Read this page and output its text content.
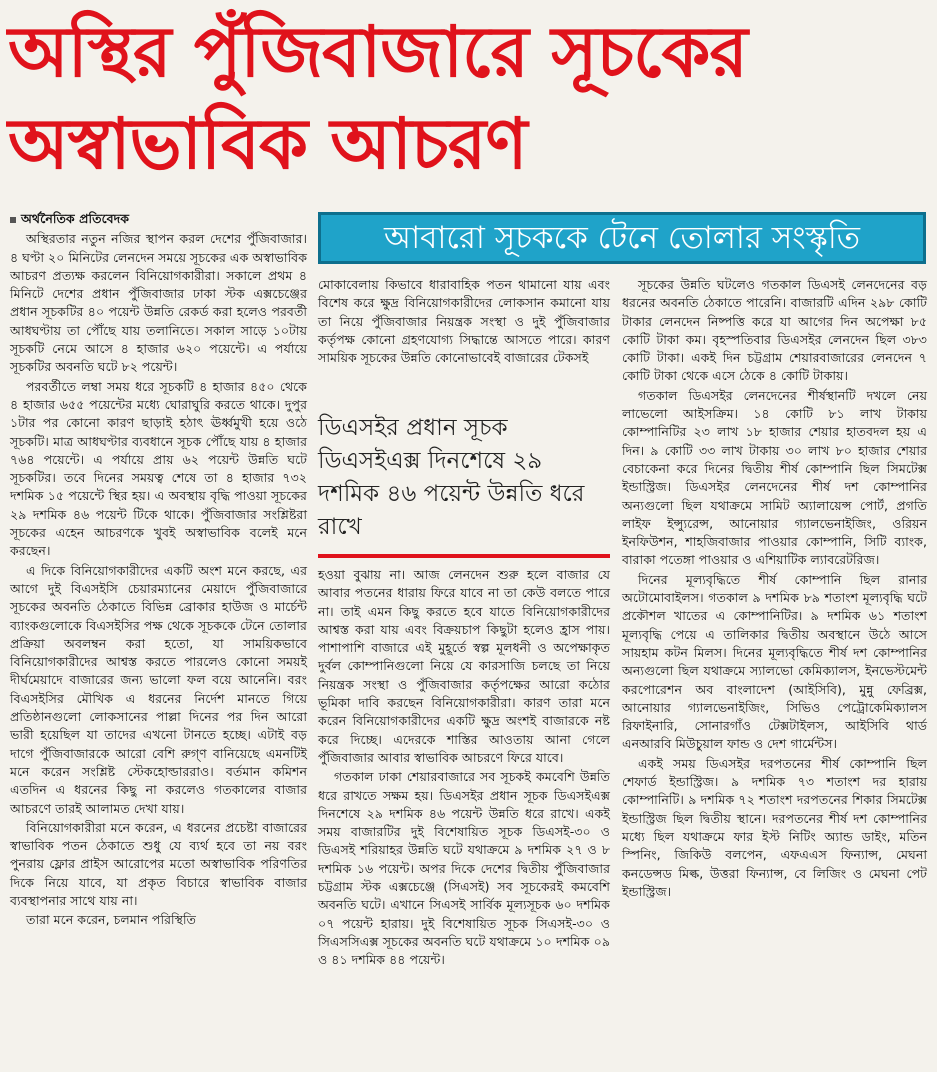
অস্থির পুঁজিবাজারে সূচকের
অস্বাভাবিক আচরণ
আবারো সূচককে টেনে তোলার সংস্কৃতি
অর্থনৈতিক প্রতিবেদক

অস্থিরতার নতুন নজির স্থাপন করল দেশের পুঁজিবাজার। ৪ ঘণ্টা ২০ মিনিটের লেনদেন সময়ে সূচকের এক অস্বাভাবিক আচরণ প্রত্যক্ষ করলেন বিনিয়োগকারীরা। সকালে প্রথম ৪ মিনিটে দেশের প্রধান পুঁজিবাজার ঢাকা স্টক এক্সচেঞ্জের প্রধান সূচকটির ৪০ পয়েন্ট উন্নতি রেকর্ড করা হলেও পরবর্তী আধঘণ্টায় তা পৌঁছে যায় তলানিতে। সকাল সাড়ে ১০টায় সূচকটি নেমে আসে ৪ হাজার ৬২০ পয়েন্টে। এ পর্যায়ে সূচকটির অবনতি ঘটে ৮২ পয়েন্ট।

পরবর্তীতে লম্বা সময় ধরে সূচকটি ৪ হাজার ৪৫০ থেকে ৪ হাজার ৬৫৫ পয়েন্টের মধ্যে ঘোরাঘুরি করতে থাকে। দুপুর ১টার পর কোনো কারণ ছাড়াই হঠাৎ ঊর্ধ্বমুখী হয়ে ওঠে সূচকটি। মাত্র আধঘণ্টার ব্যবধানে সূচক পৌঁছে যায় ৪ হাজার ৭৬৪ পয়েন্টে। এ পর্যায়ে প্রায় ৬২ পয়েন্ট উন্নতি ঘটে সূচকটির। তবে দিনের সময়ত্ব শেষে তা ৪ হাজার ৭৩২ দশমিক ১৫ পয়েন্টে স্থির হয়। এ অবস্থায় বৃদ্ধি পাওয়া সূচকের ২৯ দশমিক ৪৬ পয়েন্ট টিকে থাকে। পুঁজিবাজার সংশ্লিষ্টরা সূচকের এহেন আচরণকে খুবই অস্বাভাবিক বলেই মনে করছেন।

এ দিকে বিনিয়োগকারীদের একটি অংশ মনে করছে, এর আগে দুই বিএসইসি চেয়ারম্যানের মেয়াদে পুঁজিবাজারে সূচকের অবনতি ঠেকাতে বিভিন্ন ব্রোকার হাউজ ও মার্চেন্ট ব্যাংকগুলোকে বিএসইসির পক্ষ থেকে সূচককে টেনে তোলার প্রক্রিয়া অবলম্বন করা হতো, যা সাময়িকভাবে বিনিয়োগকারীদের আশ্বস্ত করতে পারলেও কোনো সময়ই দীর্ঘমেয়াদে বাজারের জন্য ভালো ফল বয়ে আনেনি। বরং বিএসইসির মৌখিক এ ধরনের নির্দেশ মানতে গিয়ে প্রতিষ্ঠানগুলো লোকসানের পাল্লা দিনের পর দিন আরো ভারী হয়েছিল যা তাদের এখনো টানতে হচ্ছে। এটাই বড় দাগে পুঁজিবাজারকে আরো বেশি রুগ্ণ বানিয়েছে এমনটিই মনে করেন সংশ্লিষ্ট স্টেকহোল্ডাররাও। বর্তমান কমিশন এতদিন এ ধরনের কিছু না করলেও গতকালের বাজার আচরণে তারই আলামত দেখা যায়।

বিনিয়োগকারীরা মনে করেন, এ ধরনের প্রচেষ্টা বাজারের স্বাভাবিক পতন ঠেকাতে শুধু যে ব্যর্থ হবে তা নয় বরং পুনরায় ফ্লোর প্রাইস আরোপের মতো অস্বাভাবিক পরিণতির দিকে নিয়ে যাবে, যা প্রকৃত বিচারে স্বাভাবিক বাজার ব্যবস্থাপনার সাথে যায় না।

তারা মনে করেন, চলমান পরিস্থিতি

মোকাবেলায় কিভাবে ধারাবাহিক পতন থামানো যায় এবং বিশেষ করে ক্ষুদ্র বিনিয়োগকারীদের লোকসান কমানো যায় তা নিয়ে পুঁজিবাজার নিয়ন্ত্রক সংস্থা ও দুই পুঁজিবাজার কর্তৃপক্ষ কোনো গ্রহণযোগ্য সিদ্ধান্তে আসতে পারে। কারণ সাময়িক সূচকের উন্নতি কোনোভাবেই বাজারের টেকসই

ডিএসইর প্রধান সূচক ডিএসইএক্স দিনশেষে ২৯ দশমিক ৪৬ পয়েন্ট উন্নতি ধরে রাখে

হওয়া বুঝায় না। আজ লেনদেন শুরু হলে বাজার যে আবার পতনের ধারায় ফিরে যাবে না তা কেউ বলতে পারে না। তাই এমন কিছু করতে হবে যাতে বিনিয়োগকারীদের আশ্বস্ত করা যায় এবং বিক্রয়চাপ কিছুটা হলেও হ্রাস পায়। পাশাপাশি বাজারে এই মুহূর্তে স্বল্প মূলধনী ও অপেক্ষাকৃত দুর্বল কোম্পানিগুলো নিয়ে যে কারসাজি চলছে তা নিয়ে নিয়ন্ত্রক সংস্থা ও পুঁজিবাজার কর্তৃপক্ষের আরো কঠোর ভূমিকা দাবি করছেন বিনিয়োগকারীরা। কারণ তারা মনে করেন বিনিয়োগকারীদের একটি ক্ষুদ্র অংশই বাজারকে নষ্ট করে দিচ্ছে। এদেরকে শাস্তির আওতায় আনা গেলে পুঁজিবাজার আবার স্বাভাবিক আচরণে ফিরে যাবে।

গতকাল ঢাকা শেয়ারবাজারে সব সূচকই কমবেশি উন্নতি ধরে রাখতে সক্ষম হয়। ডিএসইর প্রধান সূচক ডিএসইএক্স দিনশেষে ২৯ দশমিক ৪৬ পয়েন্ট উন্নতি ধরে রাখে। একই সময় বাজারটির দুই বিশেষায়িত সূচক ডিএসই-৩০ ও ডিএসই শরিয়াহর উন্নতি ঘটে যথাক্রমে ৯ দশমিক ২৭ ও ৮ দশমিক ১৬ পয়েন্ট। অপর দিকে দেশের দ্বিতীয় পুঁজিবাজার চট্টগ্রাম স্টক এক্সচেঞ্জে (সিএসই) সব সূচকেরই কমবেশি অবনতি ঘটে। এখানে সিএসই সার্বিক মূল্যসূচক ৬০ দশমিক ০৭ পয়েন্ট হারায়। দুই বিশেষায়িত সূচক সিএসই-৩০ ও সিএসসিএক্স সূচকের অবনতি ঘটে যথাক্রমে ১০ দশমিক ০৯ ও ৪১ দশমিক ৪৪ পয়েন্ট।

সূচকের উন্নতি ঘটলেও গতকাল ডিএসই লেনদেনের বড় ধরনের অবনতি ঠেকাতে পারেনি। বাজারটি এদিন ২৯৮ কোটি টাকার লেনদেন নিষ্পত্তি করে যা আগের দিন অপেক্ষা ৮৫ কোটি টাকা কম। বৃহস্পতিবার ডিএসইর লেনদেন ছিল ৩৮৩ কোটি টাকা। একই দিন চট্টগ্রাম শেয়ারবাজারের লেনদেন ৭ কোটি টাকা থেকে এসে ঠেকে ৪ কোটি টাকায়।

গতকাল ডিএসইর লেনদেনের শীর্ষস্থানটি দখলে নেয় লাভেলো আইসক্রিম। ১৪ কোটি ৮১ লাখ টাকায় কোম্পানিটির ২৩ লাখ ১৮ হাজার শেয়ার হাতবদল হয় এ দিন। ৯ কোটি ৩৩ লাখ টাকায় ৩০ লাখ ৮০ হাজার শেয়ার বেচাকেনা করে দিনের দ্বিতীয় শীর্ষ কোম্পানি ছিল সিমটেক্স ইন্ডাস্ট্রিজ। ডিএসইর লেনদেনের শীর্ষ দশ কোম্পানির অন্যগুলো ছিল যথাক্রমে সামিট অ্যালায়েন্স পোর্ট, প্রগতি লাইফ ইন্স্যুরেন্স, আনোয়ার গ্যালভেনাইজিং, ওরিয়ন ইনফিউশন, শাহজিবাজার পাওয়ার কোম্পানি, সিটি ব্যাংক, বারাকা পতেঙ্গা পাওয়ার ও এশিয়াটিক ল্যাবরেটরিজ।

দিনের মূল্যবৃদ্ধিতে শীর্ষ কোম্পানি ছিল রানার অটোমোবাইলস। গতকাল ৯ দশমিক ৮৯ শতাংশ মূল্যবৃদ্ধি ঘটে প্রকৌশল খাতের এ কোম্পানিটির। ৯ দশমিক ৬১ শতাংশ মূল্যবৃদ্ধি পেয়ে এ তালিকার দ্বিতীয় অবস্থানে উঠে আসে সায়হাম কটন মিলস। দিনের মূল্যবৃদ্ধিতে শীর্ষ দশ কোম্পানির অন্যগুলো ছিল যথাক্রমে স্যালভো কেমিক্যালস, ইনভেস্টমেন্ট করপোরেশন অব বাংলাদেশ (আইসিবি), মুন্নু ফেব্রিক্স, আনোয়ার গ্যালভেনাইজিং, সিভিও পেট্রোকেমিক্যালস রিফাইনারি, সোনারগাঁও টেক্সটাইলস, আইসিবি থার্ড এনআরবি মিউচুয়াল ফান্ড ও দেশ গার্মেন্টস।

একই সময় ডিএসইর দরপতনের শীর্ষ কোম্পানি ছিল শেফার্ড ইন্ডাস্ট্রিজ। ৯ দশমিক ৭৩ শতাংশ দর হারায় কোম্পানিটি। ৯ দশমিক ৭২ শতাংশ দরপতনের শিকার সিমটেক্স ইন্ডাস্ট্রিজ ছিল দ্বিতীয় স্থানে। দরপতনের শীর্ষ দশ কোম্পানির মধ্যে ছিল যথাক্রমে ফার ইস্ট নিটিং অ্যান্ড ডাইং, মতিন স্পিনিং, জিকিউ বলপেন, এফএএস ফিন্যান্স, মেঘনা কনডেন্সড মিল্ক, উত্তরা ফিন্যান্স, বে লিজিং ও মেঘনা পেট ইন্ডাস্ট্রিজ।
